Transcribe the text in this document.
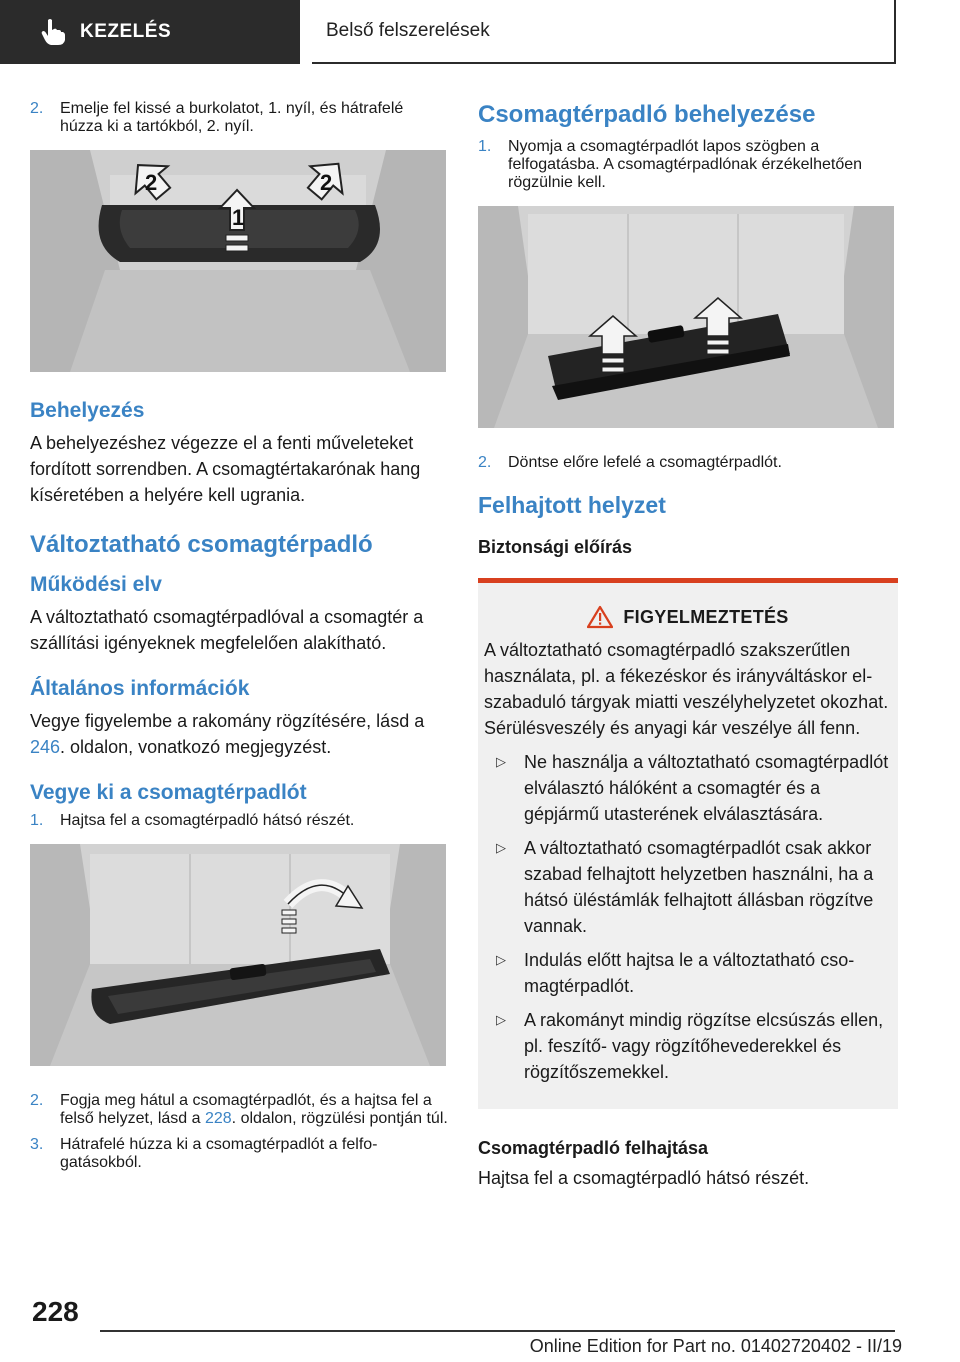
KEZELÉS	Belső felszerelések
2.	Emelje fel kissé a burkolatot, 1. nyíl, és hátrafelé húzza ki a tartókból, 2. nyíl.
1
2	2
Behelyezés

A behelyezéshez végezze el a fenti műveleteket fordított sorrendben. A csomagtértakarónak hang kíséretében a helyére kell ugrania.

Változtatható csomagtérpadló
Működési elv

A változtatható csomagtérpadlóval a csomagtér a szállítási igényeknek megfelelően alakítható.

Általános információk

Vegye figyelembe a rakomány rögzítésére, lásd a 246. oldalon, vonatkozó megjegyzést.

Vegye ki a csomagtérpadlót
1.	Hajtsa fel a csomagtérpadló hátsó részét.
2.	Fogja meg hátul a csomagtérpadlót, és a hajtsa fel a felső helyzet, lásd a 228. oldalon, rögzülési pontján túl.
3.	Hátrafelé húzza ki a csomagtérpadlót a felfogatásokból.
Csomagtérpadló behelyezése
1.	Nyomja a csomagtérpadlót lapos szögben a felfogatásba. A csomagtérpadlónak érzékelhetően rögzülnie kell.
2.	Döntse előre lefelé a csomagtérpadlót.
Felhajtott helyzet
Biztonsági előírás
FIGYELMEZTETÉS

A változtatható csomagtérpadló szakszerűtlen használata, pl. a fékezéskor és irányváltáskor elszabaduló tárgyak miatti veszélyhelyzetet okozhat. Sérülésveszély és anyagi kár veszélye áll fenn.

▷	Ne használja a változtatható csomagtérpadlót elválasztó hálóként a csomagtér és a gépjármű utasterének elválasztására.
▷	A változtatható csomagtérpadlót csak akkor szabad felhajtott helyzetben használni, ha a hátsó üléstámlák felhajtott állásban rögzítve vannak.
▷	Indulás előtt hajtsa le a változtatható csomagtérpadlót.
▷	A rakományt mindig rögzítse elcsúszás ellen, pl. feszítő- vagy rögzítőhevederekkel és rögzítőszemekkel.
Csomagtérpadló felhajtása

Hajtsa fel a csomagtérpadló hátsó részét.

228
Online Edition for Part no. 01402720402 - II/19
